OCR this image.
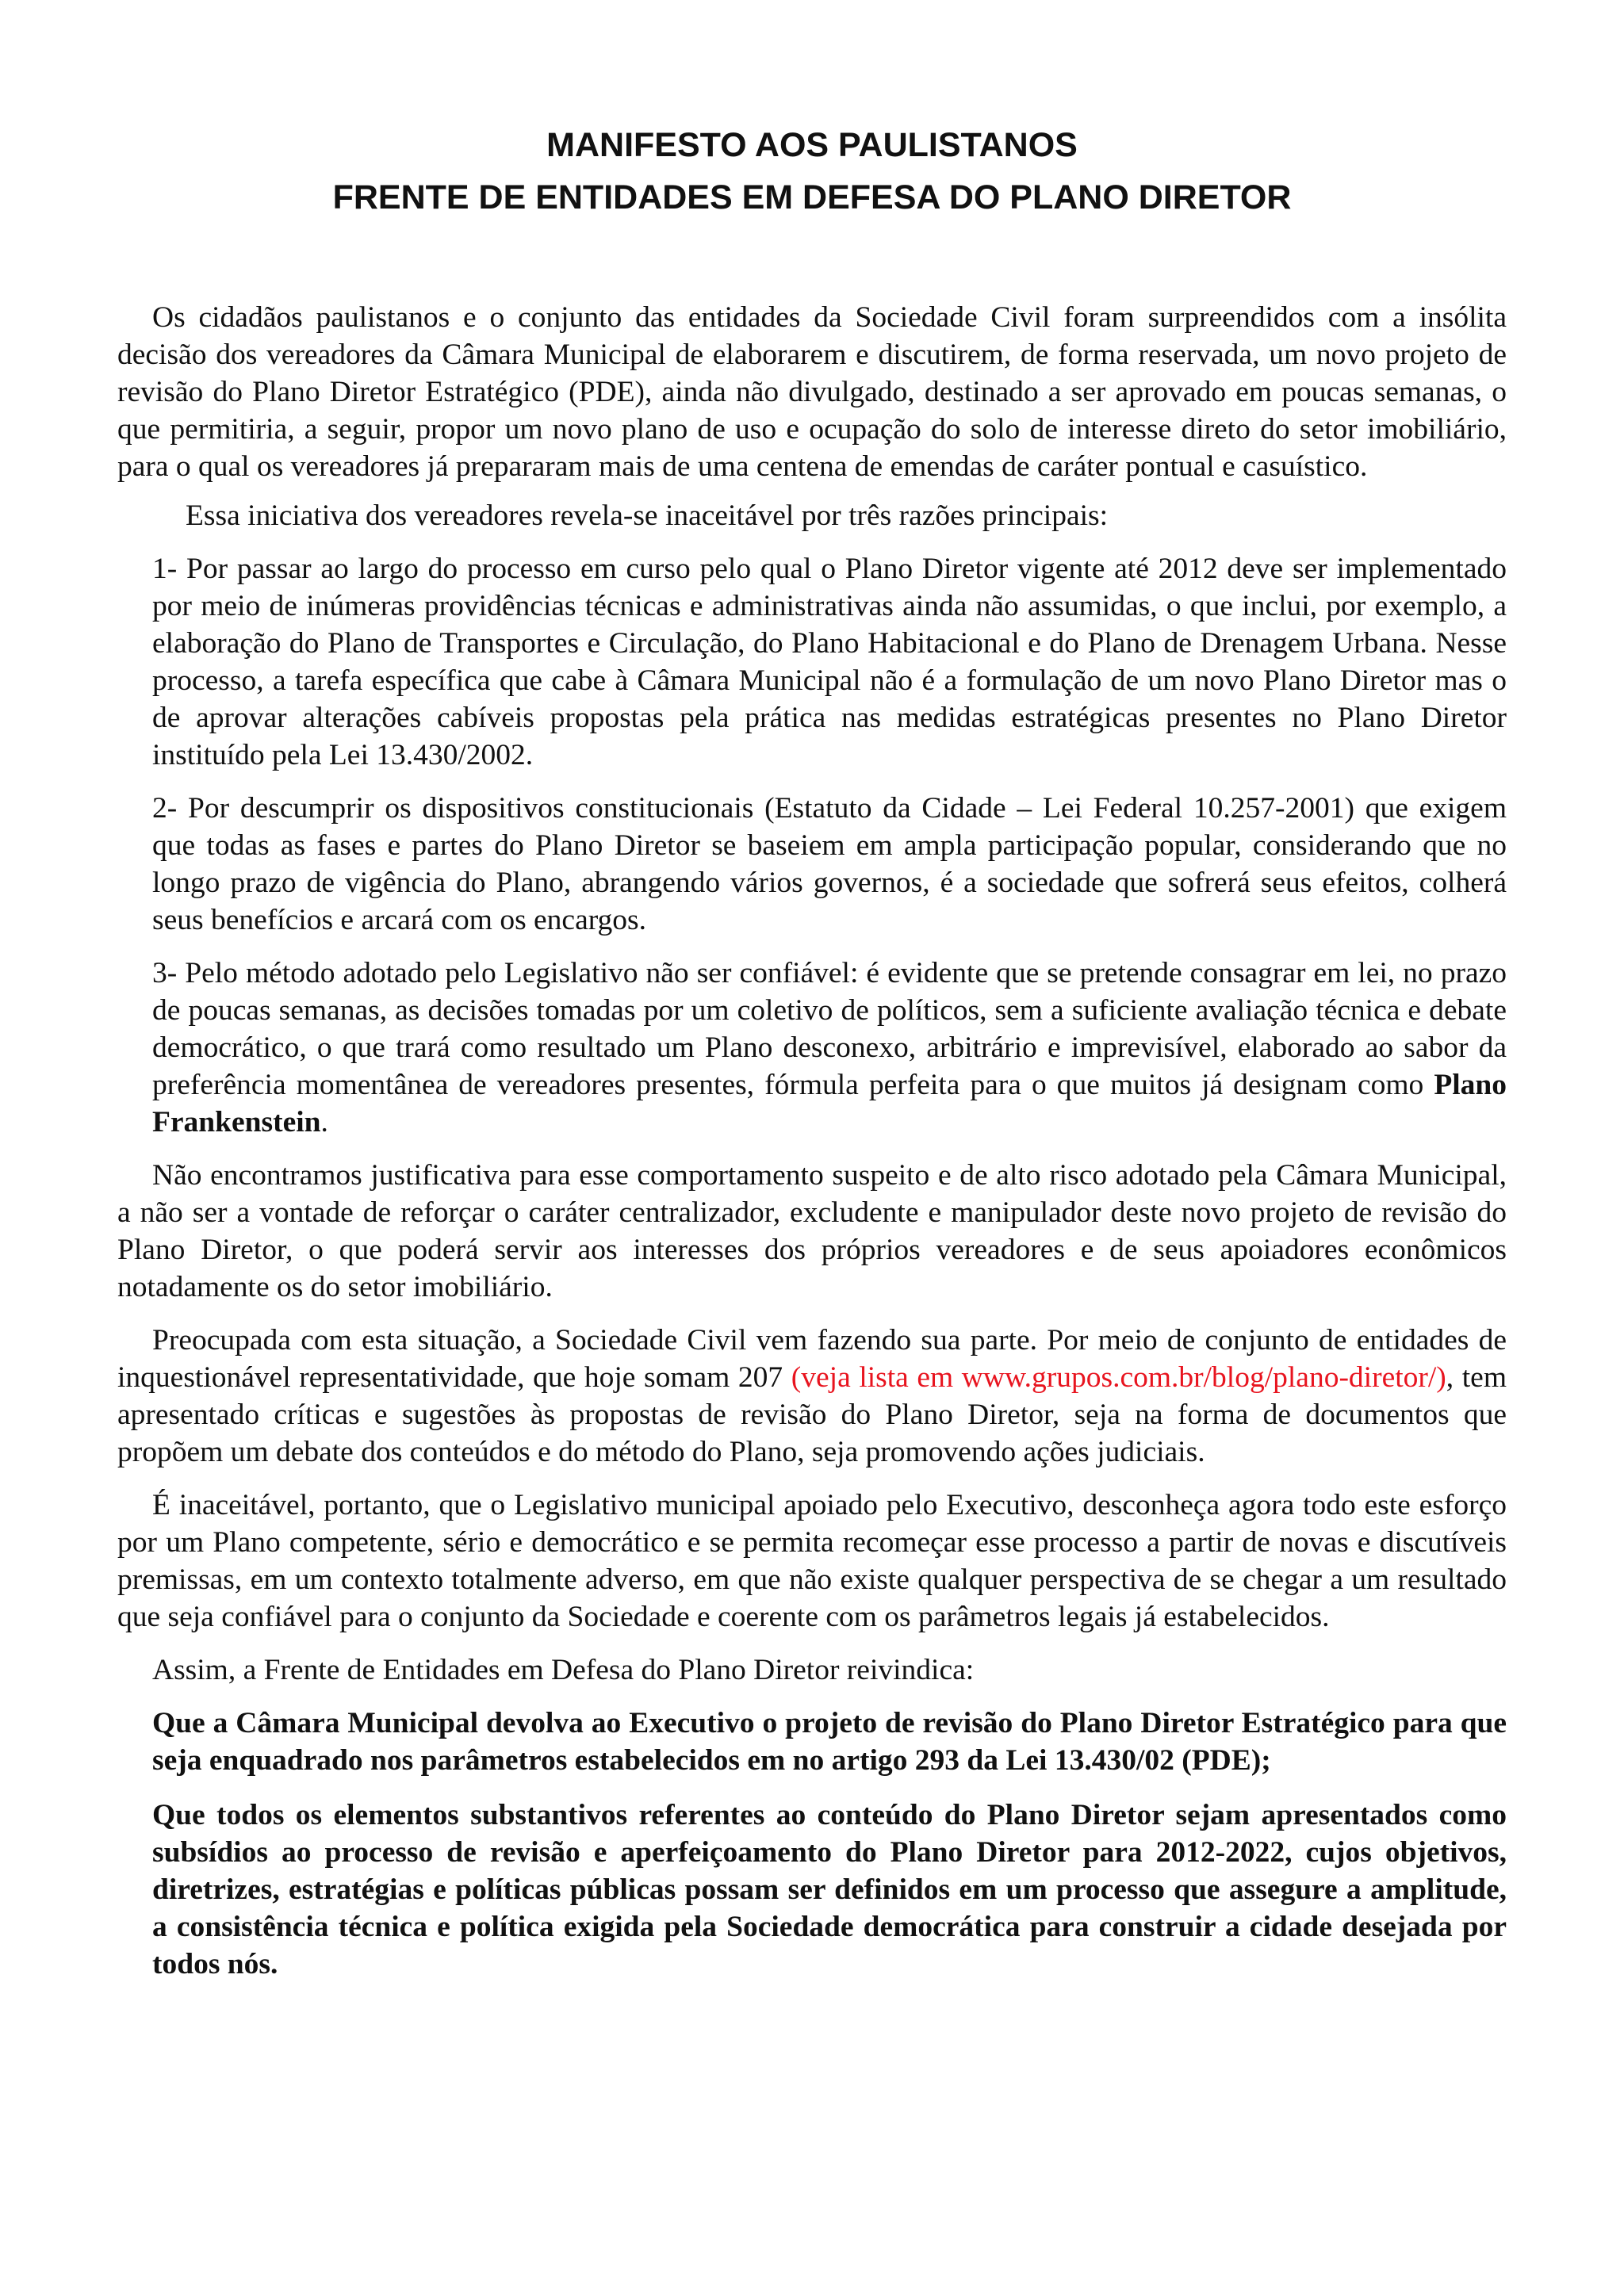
MANIFESTO AOS PAULISTANOS
FRENTE DE ENTIDADES EM DEFESA DO PLANO DIRETOR

Os cidadãos paulistanos e o conjunto das entidades da Sociedade Civil foram surpreendidos com a insólita decisão dos vereadores da Câmara Municipal de elaborarem e discutirem, de forma reservada, um novo projeto de revisão do Plano Diretor Estratégico (PDE), ainda não divulgado, destinado a ser aprovado em poucas semanas, o que permitiria, a seguir, propor um novo plano de uso e ocupação do solo de interesse direto do setor imobiliário, para o qual os vereadores já prepararam mais de uma centena de emendas de caráter pontual e casuístico.

Essa iniciativa dos vereadores revela-se inaceitável por três razões principais:

1- Por passar ao largo do processo em curso pelo qual o Plano Diretor vigente até 2012 deve ser implementado por meio de inúmeras providências técnicas e administrativas ainda não assumidas, o que inclui, por exemplo, a elaboração do Plano de Transportes e Circulação, do Plano Habitacional e do Plano de Drenagem Urbana. Nesse processo, a tarefa específica que cabe à Câmara Municipal não é a formulação de um novo Plano Diretor mas o de aprovar alterações cabíveis propostas pela prática nas medidas estratégicas presentes no Plano Diretor instituído pela Lei 13.430/2002.

2- Por descumprir os dispositivos constitucionais (Estatuto da Cidade – Lei Federal 10.257-2001) que exigem que todas as fases e partes do Plano Diretor se baseiem em ampla participação popular, considerando que no longo prazo de vigência do Plano, abrangendo vários governos, é a sociedade que sofrerá seus efeitos, colherá seus benefícios e arcará com os encargos.

3- Pelo método adotado pelo Legislativo não ser confiável: é evidente que se pretende consagrar em lei, no prazo de poucas semanas, as decisões tomadas por um coletivo de políticos, sem a suficiente avaliação técnica e debate democrático, o que trará como resultado um Plano desconexo, arbitrário e imprevisível, elaborado ao sabor da preferência momentânea de vereadores presentes, fórmula perfeita para o que muitos já designam como Plano Frankenstein.

Não encontramos justificativa para esse comportamento suspeito e de alto risco adotado pela Câmara Municipal, a não ser a vontade de reforçar o caráter centralizador, excludente e manipulador deste novo projeto de revisão do Plano Diretor, o que poderá servir aos interesses dos próprios vereadores e de seus apoiadores econômicos notadamente os do setor imobiliário.

Preocupada com esta situação, a Sociedade Civil vem fazendo sua parte. Por meio de conjunto de entidades de inquestionável representatividade, que hoje somam 207 (veja lista em www.grupos.com.br/blog/plano-diretor/), tem apresentado críticas e sugestões às propostas de revisão do Plano Diretor, seja na forma de documentos que propõem um debate dos conteúdos e do método do Plano, seja promovendo ações judiciais.

É inaceitável, portanto, que o Legislativo municipal apoiado pelo Executivo, desconheça agora todo este esforço por um Plano competente, sério e democrático e se permita recomeçar esse processo a partir de novas e discutíveis premissas, em um contexto totalmente adverso, em que não existe qualquer perspectiva de se chegar a um resultado que seja confiável para o conjunto da Sociedade e coerente com os parâmetros legais já estabelecidos.

Assim, a Frente de Entidades em Defesa do Plano Diretor reivindica:

Que a Câmara Municipal devolva ao Executivo o projeto de revisão do Plano Diretor Estratégico para que seja enquadrado nos parâmetros estabelecidos em no artigo 293 da Lei 13.430/02 (PDE);

Que todos os elementos substantivos referentes ao conteúdo do Plano Diretor sejam apresentados como subsídios ao processo de revisão e aperfeiçoamento do Plano Diretor para 2012-2022, cujos objetivos, diretrizes, estratégias e políticas públicas possam ser definidos em um processo que assegure a amplitude, a consistência técnica e política exigida pela Sociedade democrática para construir a cidade desejada por todos nós.
